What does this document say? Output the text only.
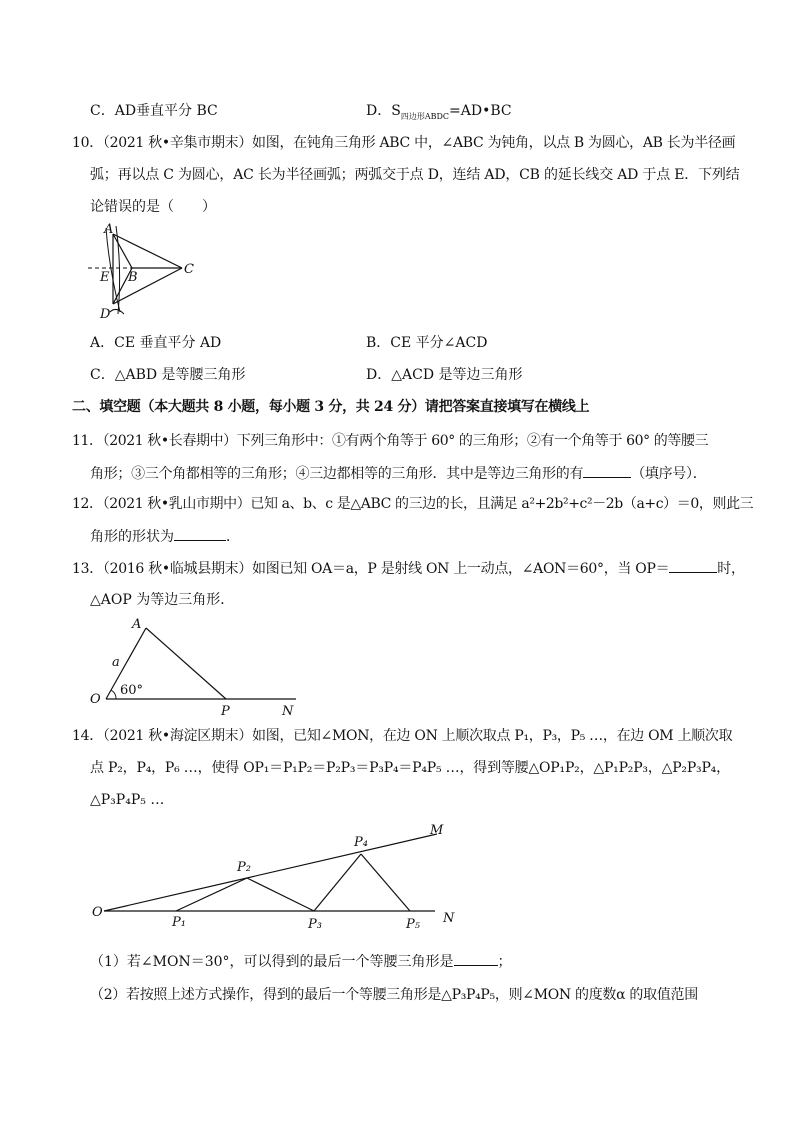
C．AD垂直平分 BC	D．$S_{四边形ABDC}=AD•BC$
10．（2021 秋•辛集市期末）如图，在钝角三角形 ABC 中，∠ABC 为钝角，以点 B 为圆心，AB 长为半径画
弧；再以点 C 为圆心，AC 长为半径画弧；两弧交于点 D，连结 AD，CB 的延长线交 AD 于点 E．下列结
论错误的是（　　）
A
E B
C
D
A．CE 垂直平分 AD	B．CE 平分∠ACD
C．△ABD 是等腰三角形	D．△ACD 是等边三角形
二、填空题（本大题共 8 小题，每小题 3 分，共 24 分）请把答案直接填写在横线上
11．（2021 秋•长春期中）下列三角形中：①有两个角等于 60° 的三角形；②有一个角等于 60° 的等腰三
角形；③三个角都相等的三角形；④三边都相等的三角形．其中是等边三角形的有	（填序号）．
12．（2021 秋•乳山市期中）已知 a、b、c 是△ABC 的三边的长，且满足 a²+2b²+c²－2b（a+c）＝0，则此三
角形的形状为	．
13．（2016 秋•临城县期末）如图已知 OA＝a，P 是射线 ON 上一动点，∠AON＝60°，当 OP＝	时，
△AOP 为等边三角形．
A
a
O
60°
P	N
14．（2021 秋•海淀区期末）如图，已知∠MON，在边 ON 上顺次取点 P₁，P₃，P₅ …，在边 OM 上顺次取
点 P₂，P₄，P₆ …，使得 OP₁＝P₁P₂＝P₂P₃＝P₃P₄＝P₄P₅ …，得到等腰△OP₁P₂，△P₁P₂P₃，△P₂P₃P₄，
△P₃P₄P₅ …
O
M
N
P₁
P₂
P₃
P₄
P₅
（1）若∠MON＝30°，可以得到的最后一个等腰三角形是	；
（2）若按照上述方式操作，得到的最后一个等腰三角形是△P₃P₄P₅，则∠MON 的度数α 的取值范围
